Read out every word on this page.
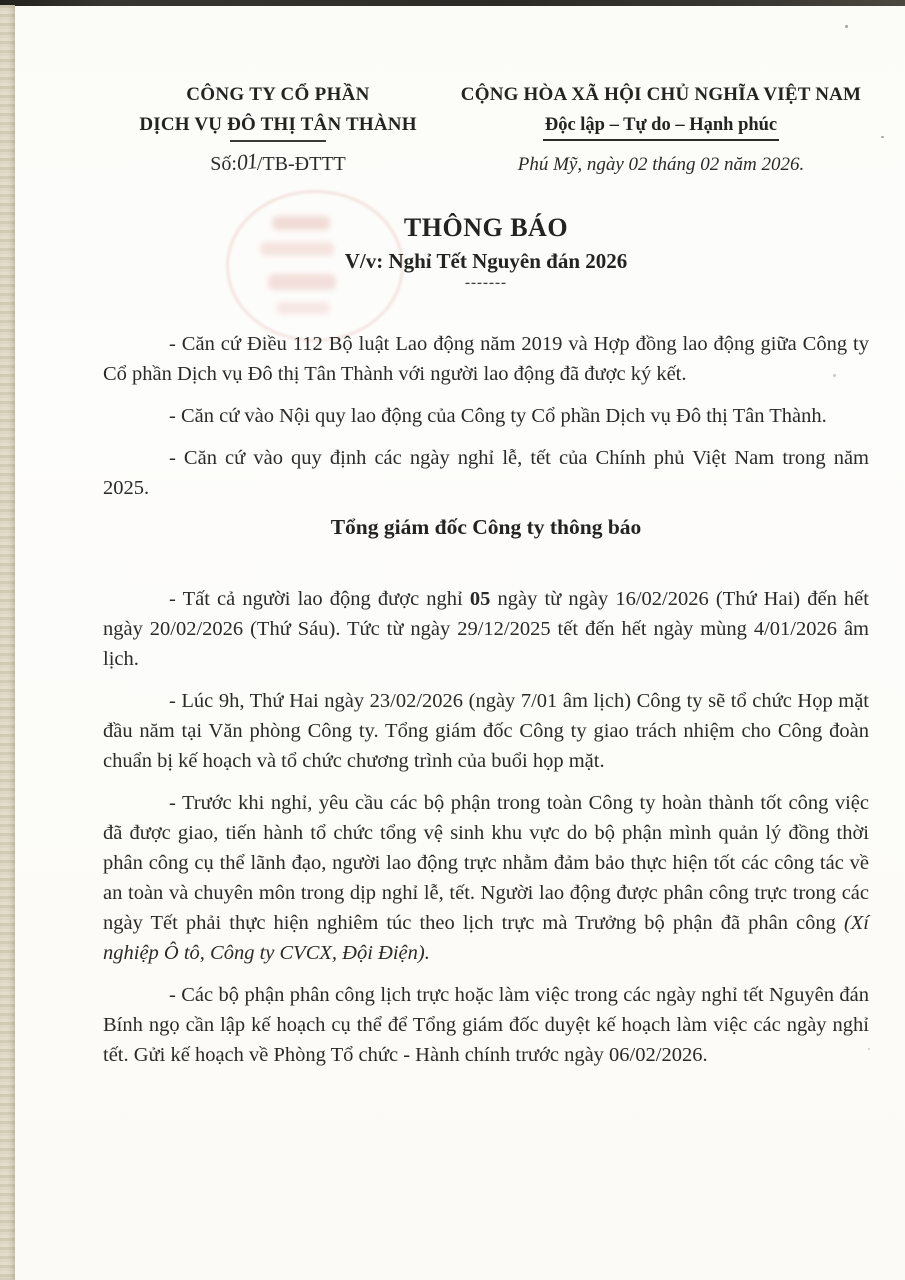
CÔNG TY CỔ PHẦN
DỊCH VỤ ĐÔ THỊ TÂN THÀNH
Số:01/TB-ĐTTT
CỘNG HÒA XÃ HỘI CHỦ NGHĨA VIỆT NAM
Độc lập – Tự do – Hạnh phúc
Phú Mỹ, ngày 02 tháng 02 năm 2026.
THÔNG BÁO
V/v: Nghỉ Tết Nguyên đán 2026
-------

- Căn cứ Điều 112 Bộ luật Lao động năm 2019 và Hợp đồng lao động giữa Công ty Cổ phần Dịch vụ Đô thị Tân Thành với người lao động đã được ký kết.

- Căn cứ vào Nội quy lao động của Công ty Cổ phần Dịch vụ Đô thị Tân Thành.

- Căn cứ vào quy định các ngày nghỉ lễ, tết của Chính phủ Việt Nam trong năm 2025.

Tổng giám đốc Công ty thông báo

- Tất cả người lao động được nghỉ 05 ngày từ ngày 16/02/2026 (Thứ Hai) đến hết ngày 20/02/2026 (Thứ Sáu). Tức từ ngày 29/12/2025 tết đến hết ngày mùng 4/01/2026 âm lịch.

- Lúc 9h, Thứ Hai ngày 23/02/2026 (ngày 7/01 âm lịch) Công ty sẽ tổ chức Họp mặt đầu năm tại Văn phòng Công ty. Tổng giám đốc Công ty giao trách nhiệm cho Công đoàn chuẩn bị kế hoạch và tổ chức chương trình của buổi họp mặt.

- Trước khi nghỉ, yêu cầu các bộ phận trong toàn Công ty hoàn thành tốt công việc đã được giao, tiến hành tổ chức tổng vệ sinh khu vực do bộ phận mình quản lý đồng thời phân công cụ thể lãnh đạo, người lao động trực nhằm đảm bảo thực hiện tốt các công tác về an toàn và chuyên môn trong dịp nghỉ lễ, tết. Người lao động được phân công trực trong các ngày Tết phải thực hiện nghiêm túc theo lịch trực mà Trưởng bộ phận đã phân công (Xí nghiệp Ô tô, Công ty CVCX, Đội Điện).

- Các bộ phận phân công lịch trực hoặc làm việc trong các ngày nghỉ tết Nguyên đán Bính ngọ cần lập kế hoạch cụ thể để Tổng giám đốc duyệt kế hoạch làm việc các ngày nghỉ tết. Gửi kế hoạch về Phòng Tổ chức - Hành chính trước ngày 06/02/2026.
